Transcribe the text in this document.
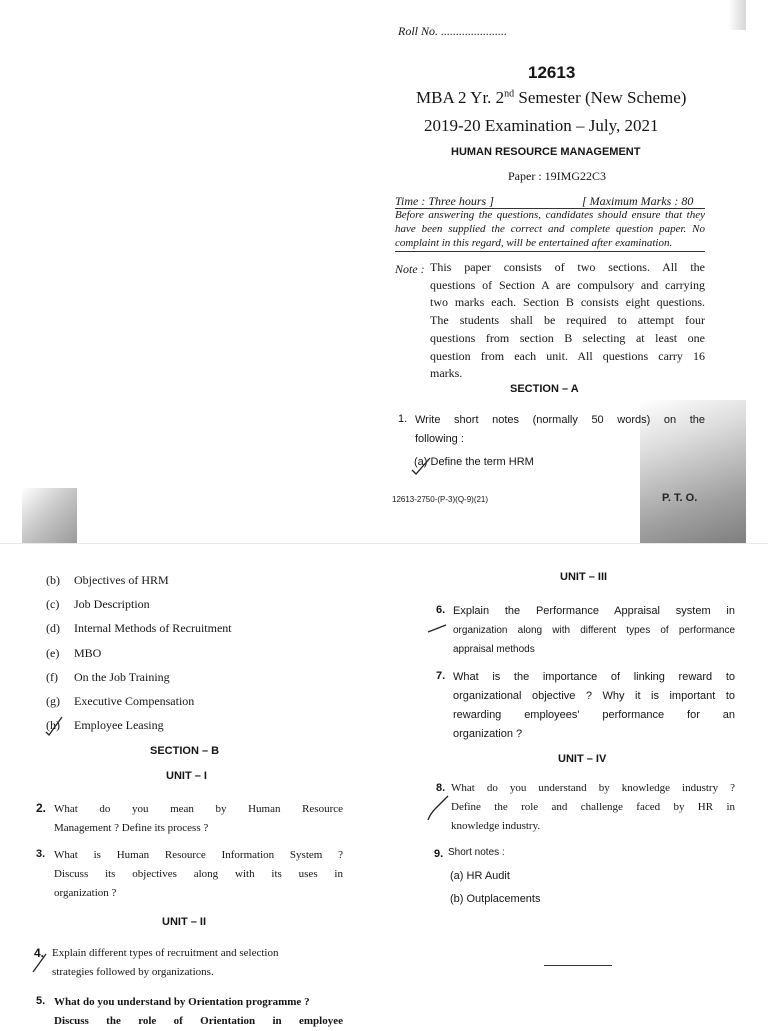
Roll No. ......................
12613
MBA 2 Yr. 2nd Semester (New Scheme)
2019-20 Examination – July, 2021
HUMAN RESOURCE MANAGEMENT
Paper : 19IMG22C3
Time : Three hours ]	[ Maximum Marks : 80
Before answering the questions, candidates should ensure that they
have been supplied the correct and complete question paper. No
complaint in this regard, will be entertained after examination.
Note : This paper consists of two sections. All the
questions of Section A are compulsory and carrying
two marks each. Section B consists eight questions.
The students shall be required to attempt four
questions from section B selecting at least one
question from each unit. All questions carry 16
marks.
SECTION – A
1. Write short notes (normally 50 words) on the
following :
(a) Define the term HRM
12613-2750-(P-3)(Q-9)(21)	P. T. O.
(b) Objectives of HRM
(c) Job Description
(d) Internal Methods of Recruitment
(e) MBO
(f) On the Job Training
(g) Executive Compensation
(h) Employee Leasing
SECTION – B
UNIT – I
2. What do you mean by Human Resource
Management ? Define its process ?
3. What is Human Resource Information System ?
Discuss its objectives along with its uses in
organization ?
UNIT – II
4. Explain different types of recruitment and selection
strategies followed by organizations.
5. What do you understand by Orientation programme ?
Discuss the role of Orientation in employee
UNIT – III
6. Explain the Performance Appraisal system in
organization along with different types of performance
appraisal methods
7. What is the importance of linking reward to
organizational objective ? Why it is important to
rewarding employees' performance for an
organization ?
UNIT – IV
8. What do you understand by knowledge industry ?
Define the role and challenge faced by HR in
knowledge industry.
9. Short notes :
(a) HR Audit
(b) Outplacements
